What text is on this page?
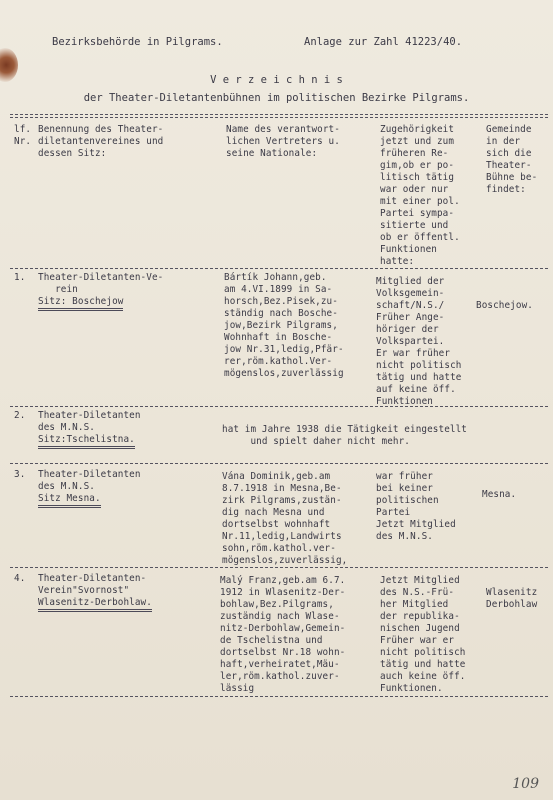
Bezirksbehörde in Pilgrams.	Anlage zur Zahl 41223/40.
V e r z e i c h n i s
der Theater-Diletantenbühnen im politischen Bezirke Pilgrams.
lf.
Nr.
Benennung des Theater-
diletantenvereines und
dessen Sitz:
Name des verantwort-
lichen Vertreters u.
seine Nationale:
Zugehörigkeit
jetzt und zum
früheren Re-
gim,ob er po-
litisch tätig
war oder nur
mit einer pol.
Partei sympa-
sitierte und
ob er öffentl.
Funktionen
hatte:
Gemeinde
in der
sich die
Theater-
Bühne be-
findet:
1. Theater-Diletanten-Ve-
rein
Sitz: Boschejow
Bártík Johann,geb.
am 4.VI.1899 in Sa-
horsch,Bez.Pisek,zu-
ständig nach Bosche-
jow,Bezirk Pilgrams,
Wohnhaft in Bosche-
jow Nr.31,ledig,Pfär-
rer,röm.kathol.Ver-
mögenslos,zuverlässig
Mitglied der
Volksgemein-
schaft/N.S./
Früher Ange-
höriger der
Volkspartei.
Er war früher
nicht politisch
tätig und hatte
auf keine öff.
Funktionen
Boschejow.
2. Theater-Diletanten
des M.N.S.
Sitz:Tschelistna.
hat im Jahre 1938 die Tätigkeit eingestellt
und spielt daher nicht mehr.
3. Theater-Diletanten
des M.N.S.
Sitz Mesna.
Vána Dominik,geb.am
8.7.1918 in Mesna,Be-
zirk Pilgrams,zustän-
dig nach Mesna und
dortselbst wohnhaft
Nr.11,ledig,Landwirts
sohn,röm.kathol.ver-
mögenslos,zuverlässig,
war früher
bei keiner
politischen
Partei
Jetzt Mitglied
des M.N.S.
Mesna.
4. Theater-Diletanten-
Verein"Svornost"
Wlasenitz-Derbohlaw.
Malý Franz,geb.am 6.7.
1912 in Wlasenitz-Der-
bohlaw,Bez.Pilgrams,
zuständig nach Wlase-
nitz-Derbohlaw,Gemein-
de Tschelistna und
dortselbst Nr.18 wohn-
haft,verheiratet,Mäu-
ler,röm.kathol.zuver-
lässig
Jetzt Mitglied
des N.S.-Frü-
her Mitglied
der republika-
nischen Jugend
Früher war er
nicht politisch
tätig und hatte
auch keine öff.
Funktionen.
Wlasenitz
Derbohlaw
109
